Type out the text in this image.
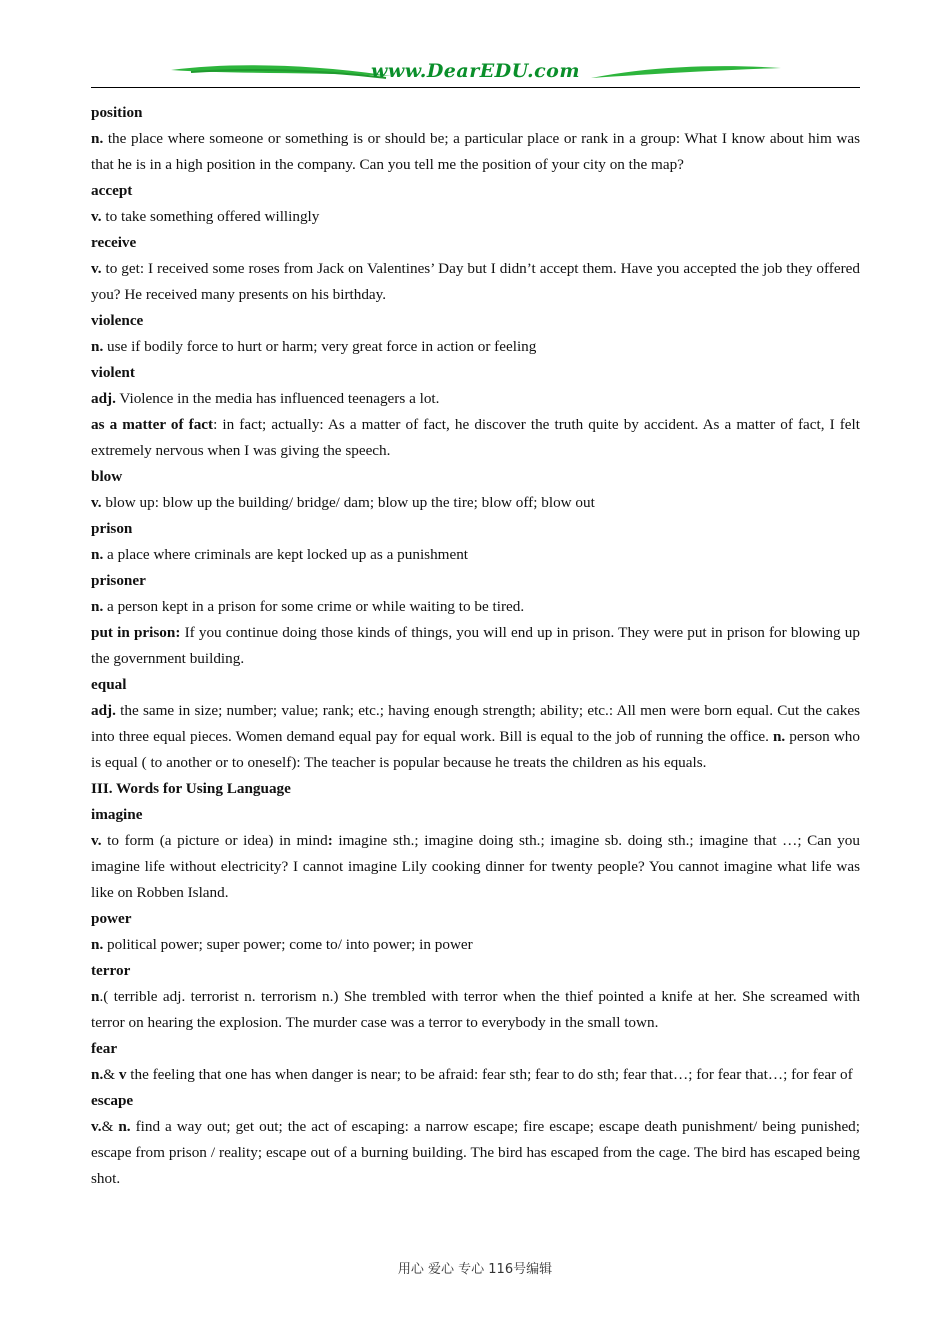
www.DearEDU.com

position

n. the place where someone or something is or should be; a particular place or rank in a group: What I know about him was that he is in a high position in the company. Can you tell me the position of your city on the map?

accept

v. to take something offered willingly

receive

v. to get: I received some roses from Jack on Valentines’ Day but I didn’t accept them. Have you accepted the job they offered you? He received many presents on his birthday.

violence

n. use if bodily force to hurt or harm; very great force in action or feeling

violent

adj. Violence in the media has influenced teenagers a lot.

as a matter of fact: in fact; actually: As a matter of fact, he discover the truth quite by accident. As a matter of fact, I felt extremely nervous when I was giving the speech.

blow

v. blow up: blow up the building/ bridge/ dam; blow up the tire; blow off; blow out

prison

n. a place where criminals are kept locked up as a punishment

prisoner

n. a person kept in a prison for some crime or while waiting to be tired.

put in prison: If you continue doing those kinds of things, you will end up in prison. They were put in prison for blowing up the government building.

equal

adj. the same in size; number; value; rank; etc.; having enough strength; ability; etc.: All men were born equal. Cut the cakes into three equal pieces. Women demand equal pay for equal work. Bill is equal to the job of running the office. n. person who is equal ( to another or to oneself): The teacher is popular because he treats the children as his equals.

III. Words for Using Language

imagine

v. to form (a picture or idea) in mind: imagine sth.; imagine doing sth.; imagine sb. doing sth.; imagine that …; Can you imagine life without electricity? I cannot imagine Lily cooking dinner for twenty people? You cannot imagine what life was like on Robben Island.

power

n. political power; super power; come to/ into power; in power

terror

n.( terrible adj. terrorist n. terrorism n.) She trembled with terror when the thief pointed a knife at her. She screamed with terror on hearing the explosion. The murder case was a terror to everybody in the small town.

fear

n.& v the feeling that one has when danger is near; to be afraid: fear sth; fear to do sth; fear that…; for fear that…; for fear of

escape

v.& n. find a way out; get out; the act of escaping: a narrow escape; fire escape; escape death punishment/ being punished; escape from prison / reality; escape out of a burning building. The bird has escaped from the cage. The bird has escaped being shot.

用心 爱心 专心 116号编辑
